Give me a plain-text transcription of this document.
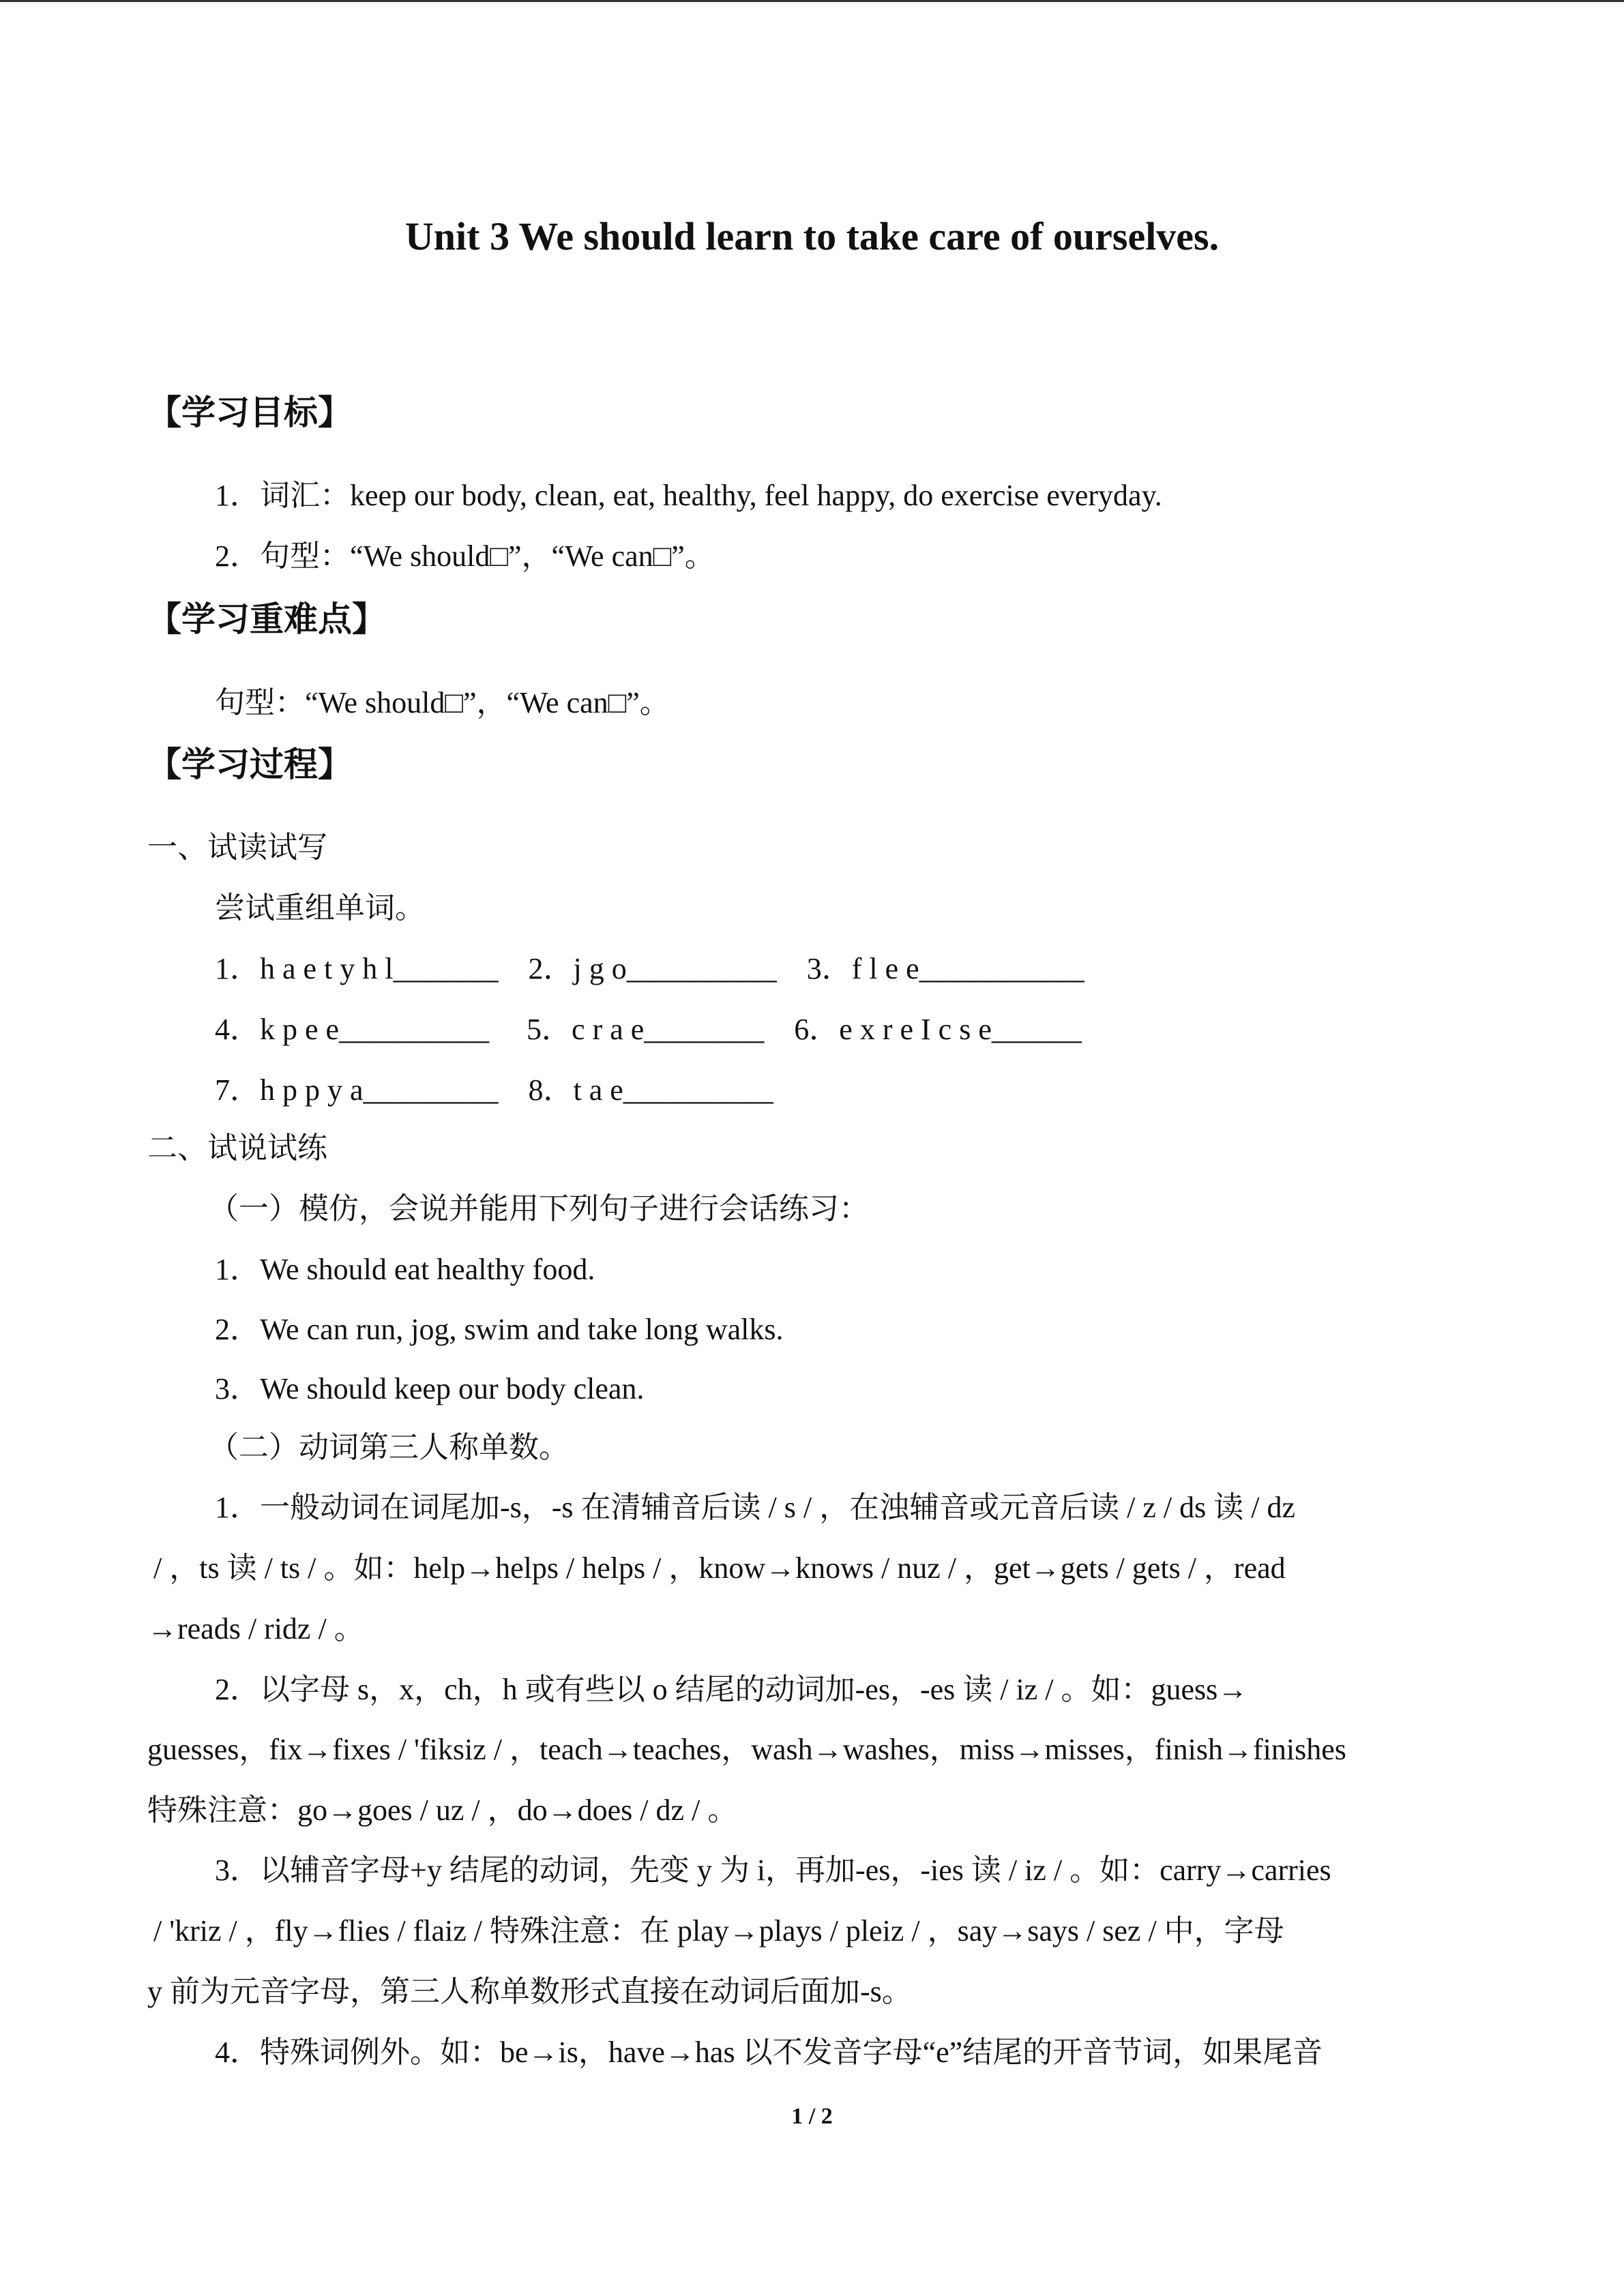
Unit 3 We should learn to take care of ourselves.
【学习目标】
1．词汇：keep our body, clean, eat, healthy, feel happy, do exercise everyday.
2．句型：“We should□”，“We can□”。
【学习重难点】
句型：“We should□”，“We can□”。
【学习过程】
一、试读试写
尝试重组单词。
1．h a e t y h l_______    2．j g o__________    3．f l e e___________
4．k p e e__________     5．c r a e________    6．e x r e I c s e______
7．h p p y a_________    8．t a e__________
二、试说试练
（一）模仿，会说并能用下列句子进行会话练习：
1．We should eat healthy food.
2．We can run, jog, swim and take long walks.
3．We should keep our body clean.
（二）动词第三人称单数。
1．一般动词在词尾加-s，-s 在清辅音后读 / s / ，在浊辅音或元音后读 / z / ds 读 / dz
/ ，ts 读 / ts / 。如：help→helps / helps / ，know→knows / nuz / ，get→gets / gets / ，read
→reads / ridz / 。
2．以字母 s，x，ch，h 或有些以 o 结尾的动词加-es，-es 读 / iz / 。如：guess→
guesses，fix→fixes / 'fiksiz / ，teach→teaches，wash→washes，miss→misses，finish→finishes
特殊注意：go→goes / uz / ，do→does / dz / 。
3．以辅音字母+y 结尾的动词，先变 y 为 i，再加-es，-ies 读 / iz / 。如：carry→carries
/ 'kriz / ，fly→flies / flaiz / 特殊注意：在 play→plays / pleiz / ，say→says / sez / 中，字母
y 前为元音字母，第三人称单数形式直接在动词后面加-s。
4．特殊词例外。如：be→is，have→has 以不发音字母“e”结尾的开音节词，如果尾音
1 / 2
